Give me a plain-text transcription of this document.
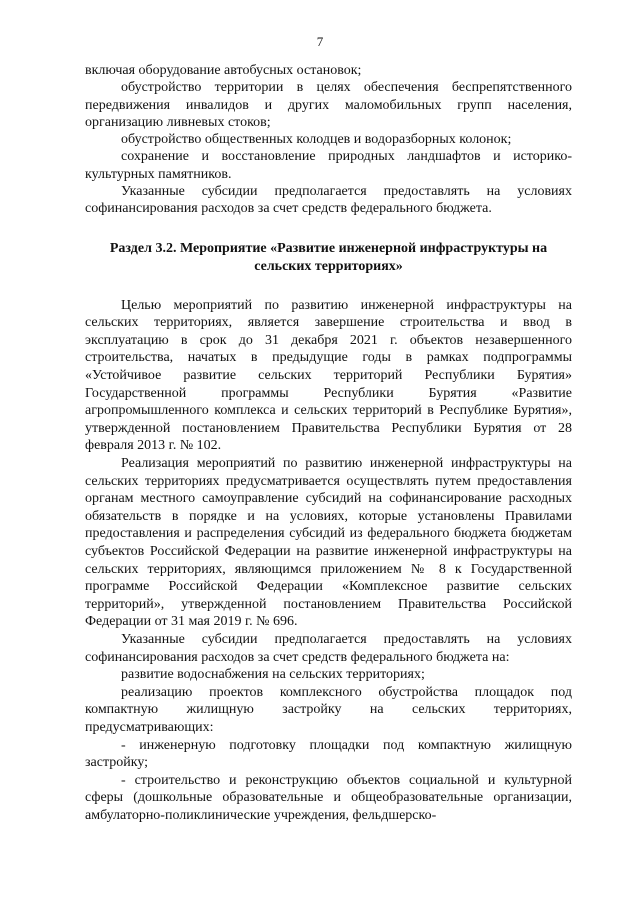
7

включая оборудование автобусных остановок;

обустройство территории в целях обеспечения беспрепятственного передвижения инвалидов и других маломобильных групп населения, организацию ливневых стоков;

обустройство общественных колодцев и водоразборных колонок;

сохранение и восстановление природных ландшафтов и историко-культурных памятников.

Указанные субсидии предполагается предоставлять на условиях софинансирования расходов за счет средств федерального бюджета.

Раздел 3.2. Мероприятие «Развитие инженерной инфраструктуры на сельских территориях»

Целью мероприятий по развитию инженерной инфраструктуры на сельских территориях, является завершение строительства и ввод в эксплуатацию в срок до 31 декабря 2021 г. объектов незавершенного строительства, начатых в предыдущие годы в рамках подпрограммы «Устойчивое развитие сельских территорий Республики Бурятия» Государственной программы Республики Бурятия «Развитие агропромышленного комплекса и сельских территорий в Республике Бурятия», утвержденной постановлением Правительства Республики Бурятия от 28 февраля 2013 г. № 102.

Реализация мероприятий по развитию инженерной инфраструктуры на сельских территориях предусматривается осуществлять путем предоставления органам местного самоуправление субсидий на софинансирование расходных обязательств в порядке и на условиях, которые установлены Правилами предоставления и распределения субсидий из федерального бюджета бюджетам субъектов Российской Федерации на развитие инженерной инфраструктуры на сельских территориях, являющимся приложением № 8 к Государственной программе Российской Федерации «Комплексное развитие сельских территорий», утвержденной постановлением Правительства Российской Федерации от 31 мая 2019 г. № 696.

Указанные субсидии предполагается предоставлять на условиях софинансирования расходов за счет средств федерального бюджета на:

развитие водоснабжения на сельских территориях;

реализацию проектов комплексного обустройства площадок под компактную жилищную застройку на сельских территориях, предусматривающих:

- инженерную подготовку площадки под компактную жилищную застройку;

- строительство и реконструкцию объектов социальной и культурной сферы (дошкольные образовательные и общеобразовательные организации, амбулаторно-поликлинические учреждения, фельдшерско-
